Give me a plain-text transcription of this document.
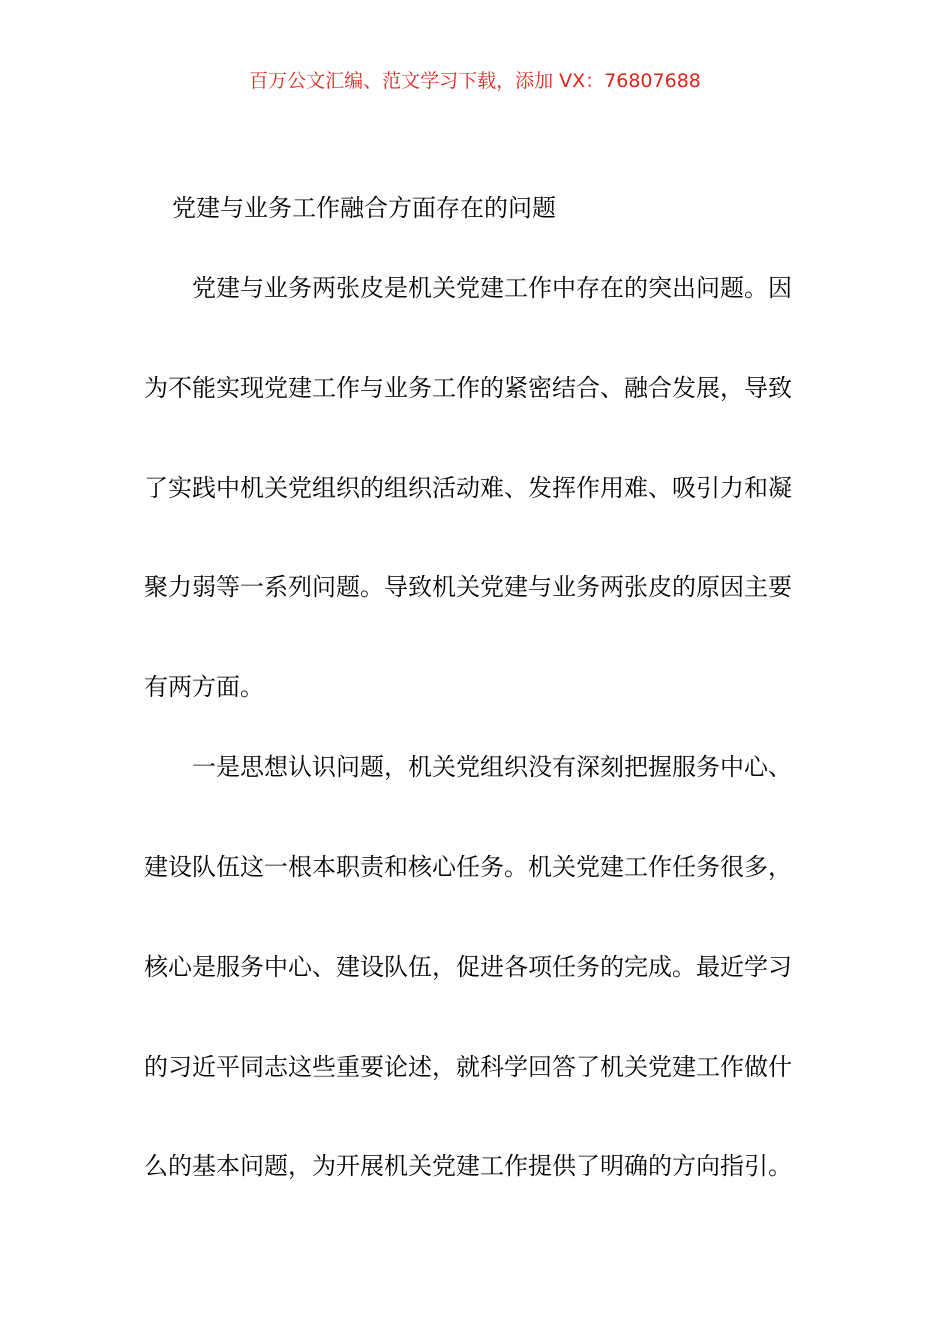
百万公文汇编、范文学习下载，添加 VX：76807688
党建与业务工作融合方面存在的问题
党建与业务两张皮是机关党建工作中存在的突出问题。因
为不能实现党建工作与业务工作的紧密结合、融合发展，导致
了实践中机关党组织的组织活动难、发挥作用难、吸引力和凝
聚力弱等一系列问题。导致机关党建与业务两张皮的原因主要
有两方面。
一是思想认识问题，机关党组织没有深刻把握服务中心、
建设队伍这一根本职责和核心任务。机关党建工作任务很多，
核心是服务中心、建设队伍，促进各项任务的完成。最近学习
的习近平同志这些重要论述，就科学回答了机关党建工作做什
么的基本问题，为开展机关党建工作提供了明确的方向指引。
